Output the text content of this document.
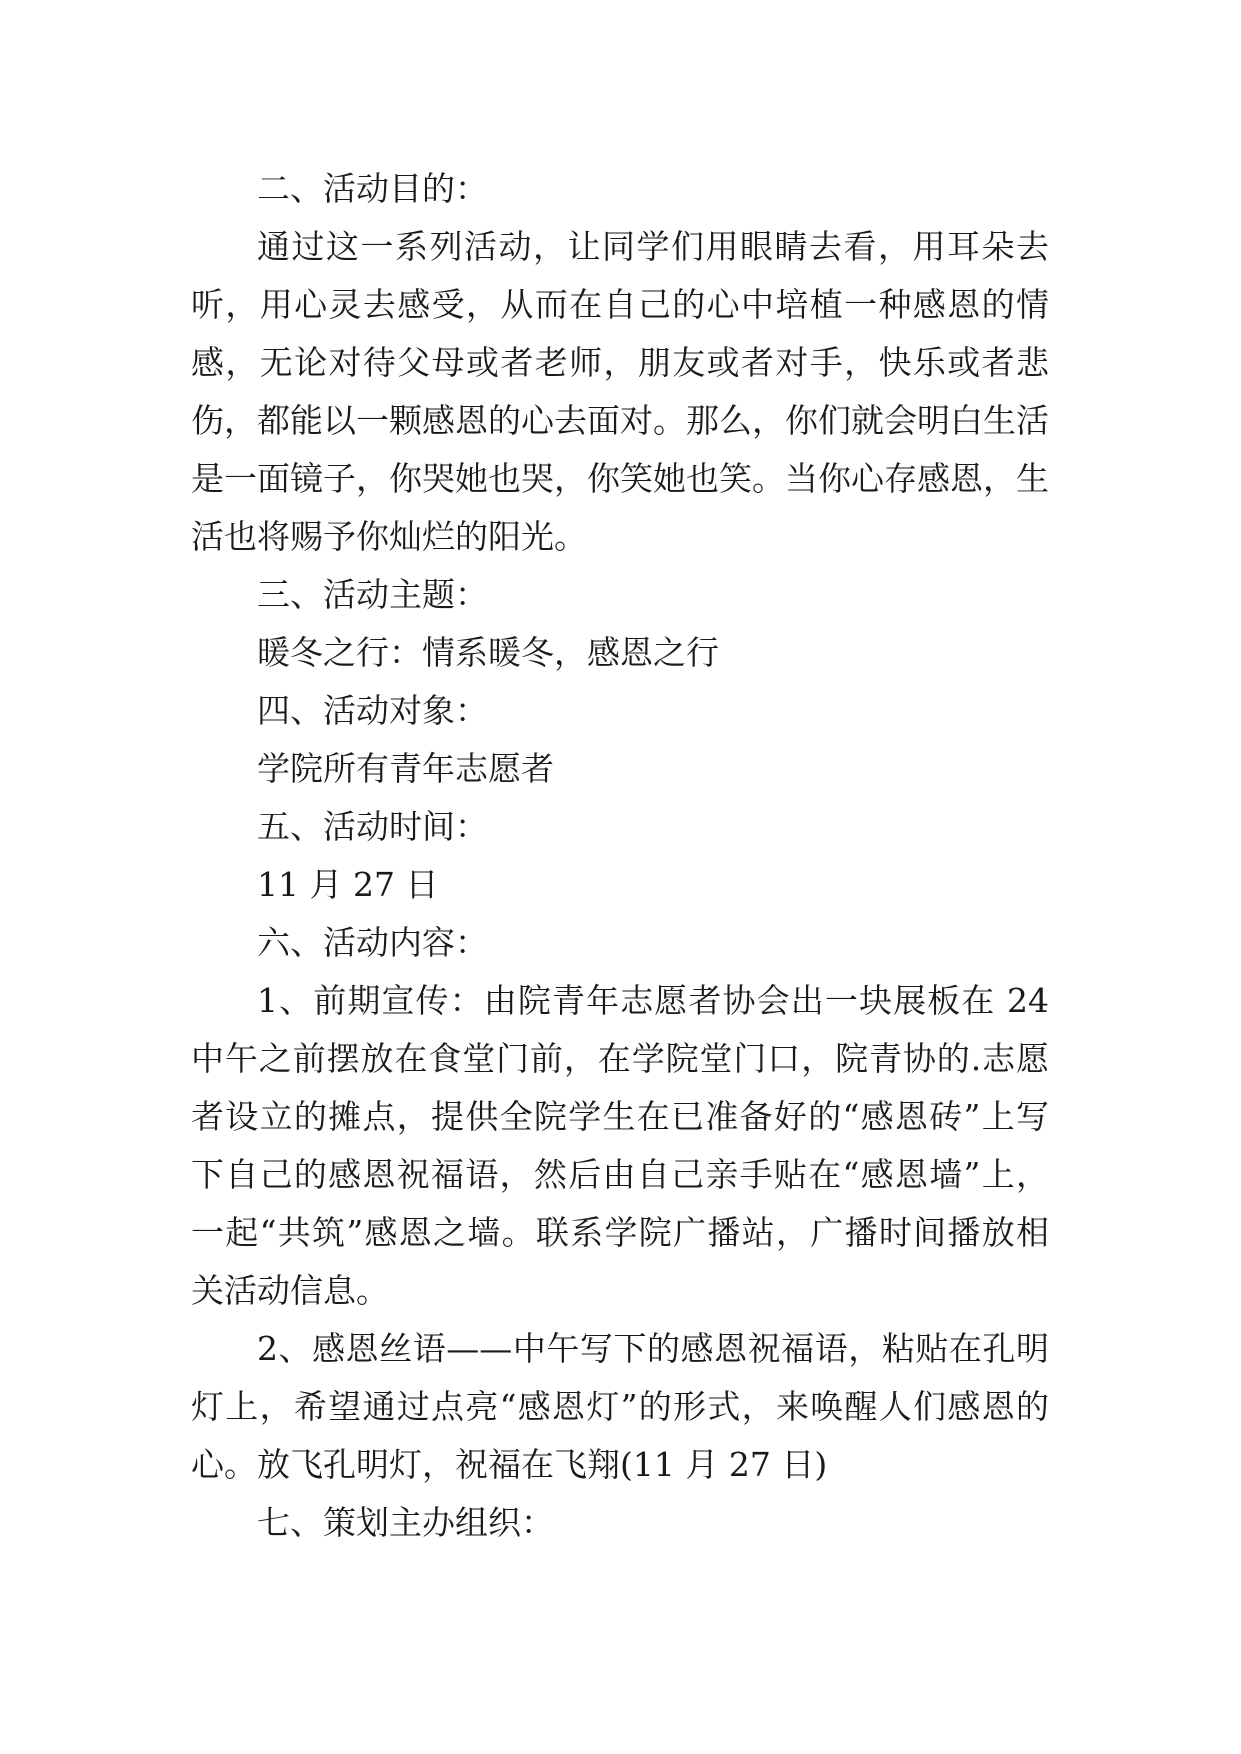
二、活动目的：

通过这一系列活动，让同学们用眼睛去看，用耳朵去听，用心灵去感受，从而在自己的心中培植一种感恩的情感，无论对待父母或者老师，朋友或者对手，快乐或者悲伤，都能以一颗感恩的心去面对。那么，你们就会明白生活是一面镜子，你哭她也哭，你笑她也笑。当你心存感恩，生活也将赐予你灿烂的阳光。

三、活动主题：

暖冬之行：情系暖冬，感恩之行

四、活动对象：

学院所有青年志愿者

五、活动时间：

11 月 27 日

六、活动内容：

1、前期宣传：由院青年志愿者协会出一块展板在 24 中午之前摆放在食堂门前，在学院堂门口，院青协的.志愿者设立的摊点，提供全院学生在已准备好的“感恩砖”上写下自己的感恩祝福语，然后由自己亲手贴在“感恩墙”上，一起“共筑”感恩之墙。联系学院广播站，广播时间播放相关活动信息。

2、感恩丝语——中午写下的感恩祝福语，粘贴在孔明灯上，希望通过点亮“感恩灯”的形式，来唤醒人们感恩的心。放飞孔明灯，祝福在飞翔(11 月 27 日)

七、策划主办组织：
